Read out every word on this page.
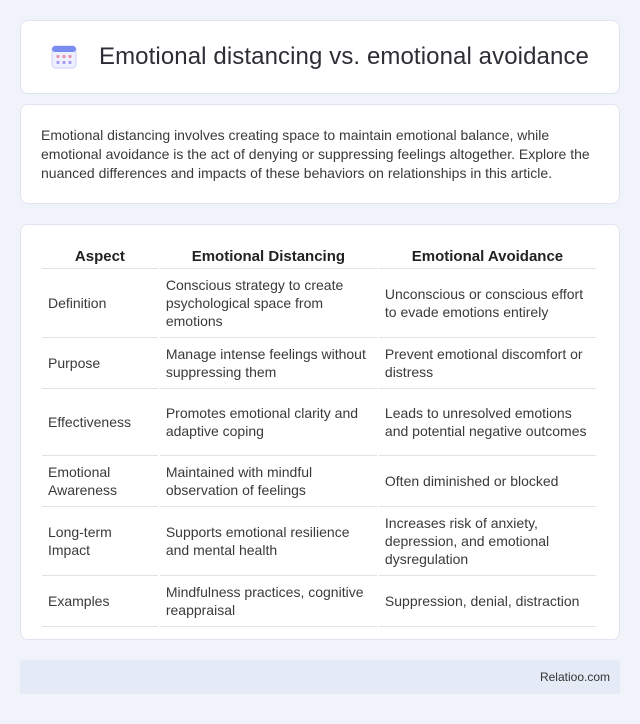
Emotional distancing vs. emotional avoidance

Emotional distancing involves creating space to maintain emotional balance, while emotional avoidance is the act of denying or suppressing feelings altogether. Explore the nuanced differences and impacts of these behaviors on relationships in this article.

Aspect	Emotional Distancing	Emotional Avoidance
Definition	Conscious strategy to create psychological space from emotions	Unconscious or conscious effort to evade emotions entirely
Purpose	Manage intense feelings without suppressing them	Prevent emotional discomfort or distress
Effectiveness	Promotes emotional clarity and adaptive coping	Leads to unresolved emotions and potential negative outcomes
Emotional Awareness	Maintained with mindful observation of feelings	Often diminished or blocked
Long-term Impact	Supports emotional resilience and mental health	Increases risk of anxiety, depression, and emotional dysregulation
Examples	Mindfulness practices, cognitive reappraisal	Suppression, denial, distraction
Relatioo.com
